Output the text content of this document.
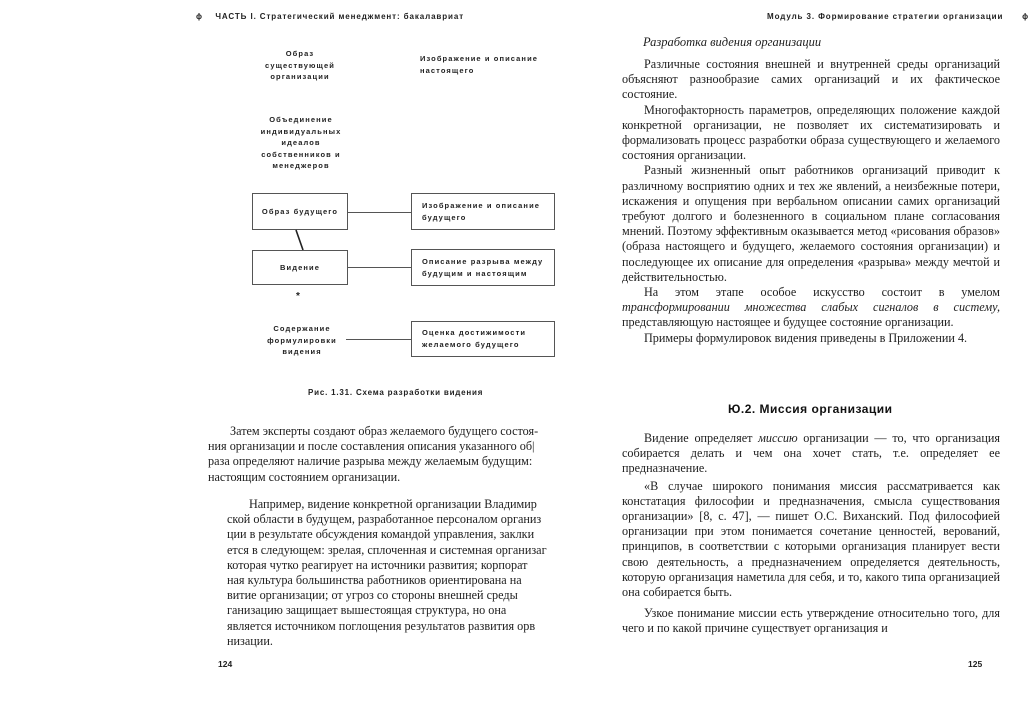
ɸ ЧАСТЬ I. Стратегический менеджмент: бакалавриат	Модуль 3. Формирование стратегии организации ɸ
Образ
существующей
организации
Изображение и описание
настоящего
Объединение
индивидуальных
идеалов
собственников и
менеджеров
Образ будущего
Изображение и описание
будущего
Видение
Описание разрыва между
будущим и настоящим
*
Содержание
формулировки
видения
Оценка достижимости
желаемого будущего
Рис. 1.31. Схема разработки видения
Затем эксперты создают образ желаемого будущего состоя-
ния организации и после составления описания указанного об|
раза определяют наличие разрыва между желаемым будущим:
настоящим состоянием организации.
Например, видение конкретной организации Владимир
ской области в будущем, разработанное персоналом организ
ции в результате обсуждения командой управления, заклки
ется в следующем: зрелая, сплоченная и системная организаг
которая чутко реагирует на источники развития; корпорат
ная культура большинства работников ориентирована на
витие организации; от угроз со стороны внешней среды
ганизацию защищает вышестоящая структура, но она
является источником поглощения результатов развития орв
низации.
124
Разработка видения организации

Различные состояния внешней и внутренней среды организаций объясняют разнообразие самих организаций и их фактическое состояние.

Многофакторность параметров, определяющих положение каждой конкретной организации, не позволяет их систематизировать и формализовать процесс разработки образа существующего и желаемого состояния организации.

Разный жизненный опыт работников организаций приводит к различному восприятию одних и тех же явлений, а неизбежные потери, искажения и опущения при вербальном описании самих организаций требуют долгого и болезненного в социальном плане согласования мнений. Поэтому эффективным оказывается метод «рисования образов» (образа настоящего и будущего, желаемого состояния организации) и последующее их описание для определения «разрыва» между мечтой и действительностью.

На этом этапе особое искусство состоит в умелом трансформировании множества слабых сигналов в систему, представляющую настоящее и будущее состояние организации.

Примеры формулировок видения приведены в Приложении 4.

Ю.2. Миссия организации

Видение определяет миссию организации — то, что организация собирается делать и чем она хочет стать, т.е. определяет ее предназначение.

«В случае широкого понимания миссия рассматривается как констатация философии и предназначения, смысла существования организации» [8, с. 47], — пишет О.С. Виханский. Под философией организации при этом понимается сочетание ценностей, верований, принципов, в соответствии с которыми организация планирует вести свою деятельность, а предназначением определяется деятельность, которую организация наметила для себя, и то, какого типа организацией она собирается быть.

Узкое понимание миссии есть утверждение относительно того, для чего и по какой причине существует организация и

125
